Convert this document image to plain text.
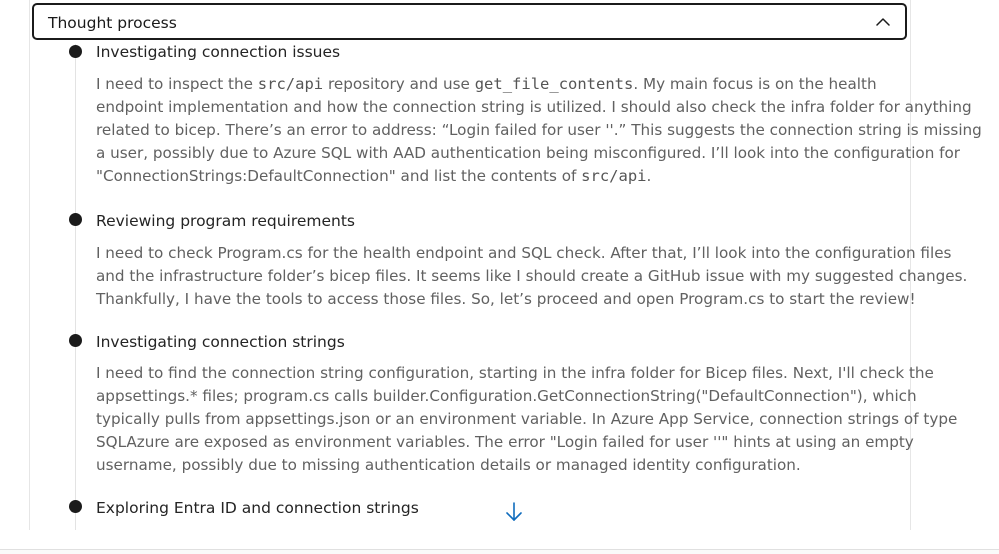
Thought process
Investigating connection issues

I need to inspect the src/api repository and use get_file_contents. My main focus is on the health
endpoint implementation and how the connection string is utilized. I should also check the infra folder for anything
related to bicep. There’s an error to address: “Login failed for user ''.” This suggests the connection string is missing
a user, possibly due to Azure SQL with AAD authentication being misconfigured. I’ll look into the configuration for
"ConnectionStrings:DefaultConnection" and list the contents of src/api.

Reviewing program requirements

I need to check Program.cs for the health endpoint and SQL check. After that, I’ll look into the configuration files
and the infrastructure folder’s bicep files. It seems like I should create a GitHub issue with my suggested changes.
Thankfully, I have the tools to access those files. So, let’s proceed and open Program.cs to start the review!

Investigating connection strings

I need to find the connection string configuration, starting in the infra folder for Bicep files. Next, I'll check the
appsettings.* files; program.cs calls builder.Configuration.GetConnectionString("DefaultConnection"), which
typically pulls from appsettings.json or an environment variable. In Azure App Service, connection strings of type
SQLAzure are exposed as environment variables. The error "Login failed for user ''" hints at using an empty
username, possibly due to missing authentication details or managed identity configuration.

Exploring Entra ID and connection strings
